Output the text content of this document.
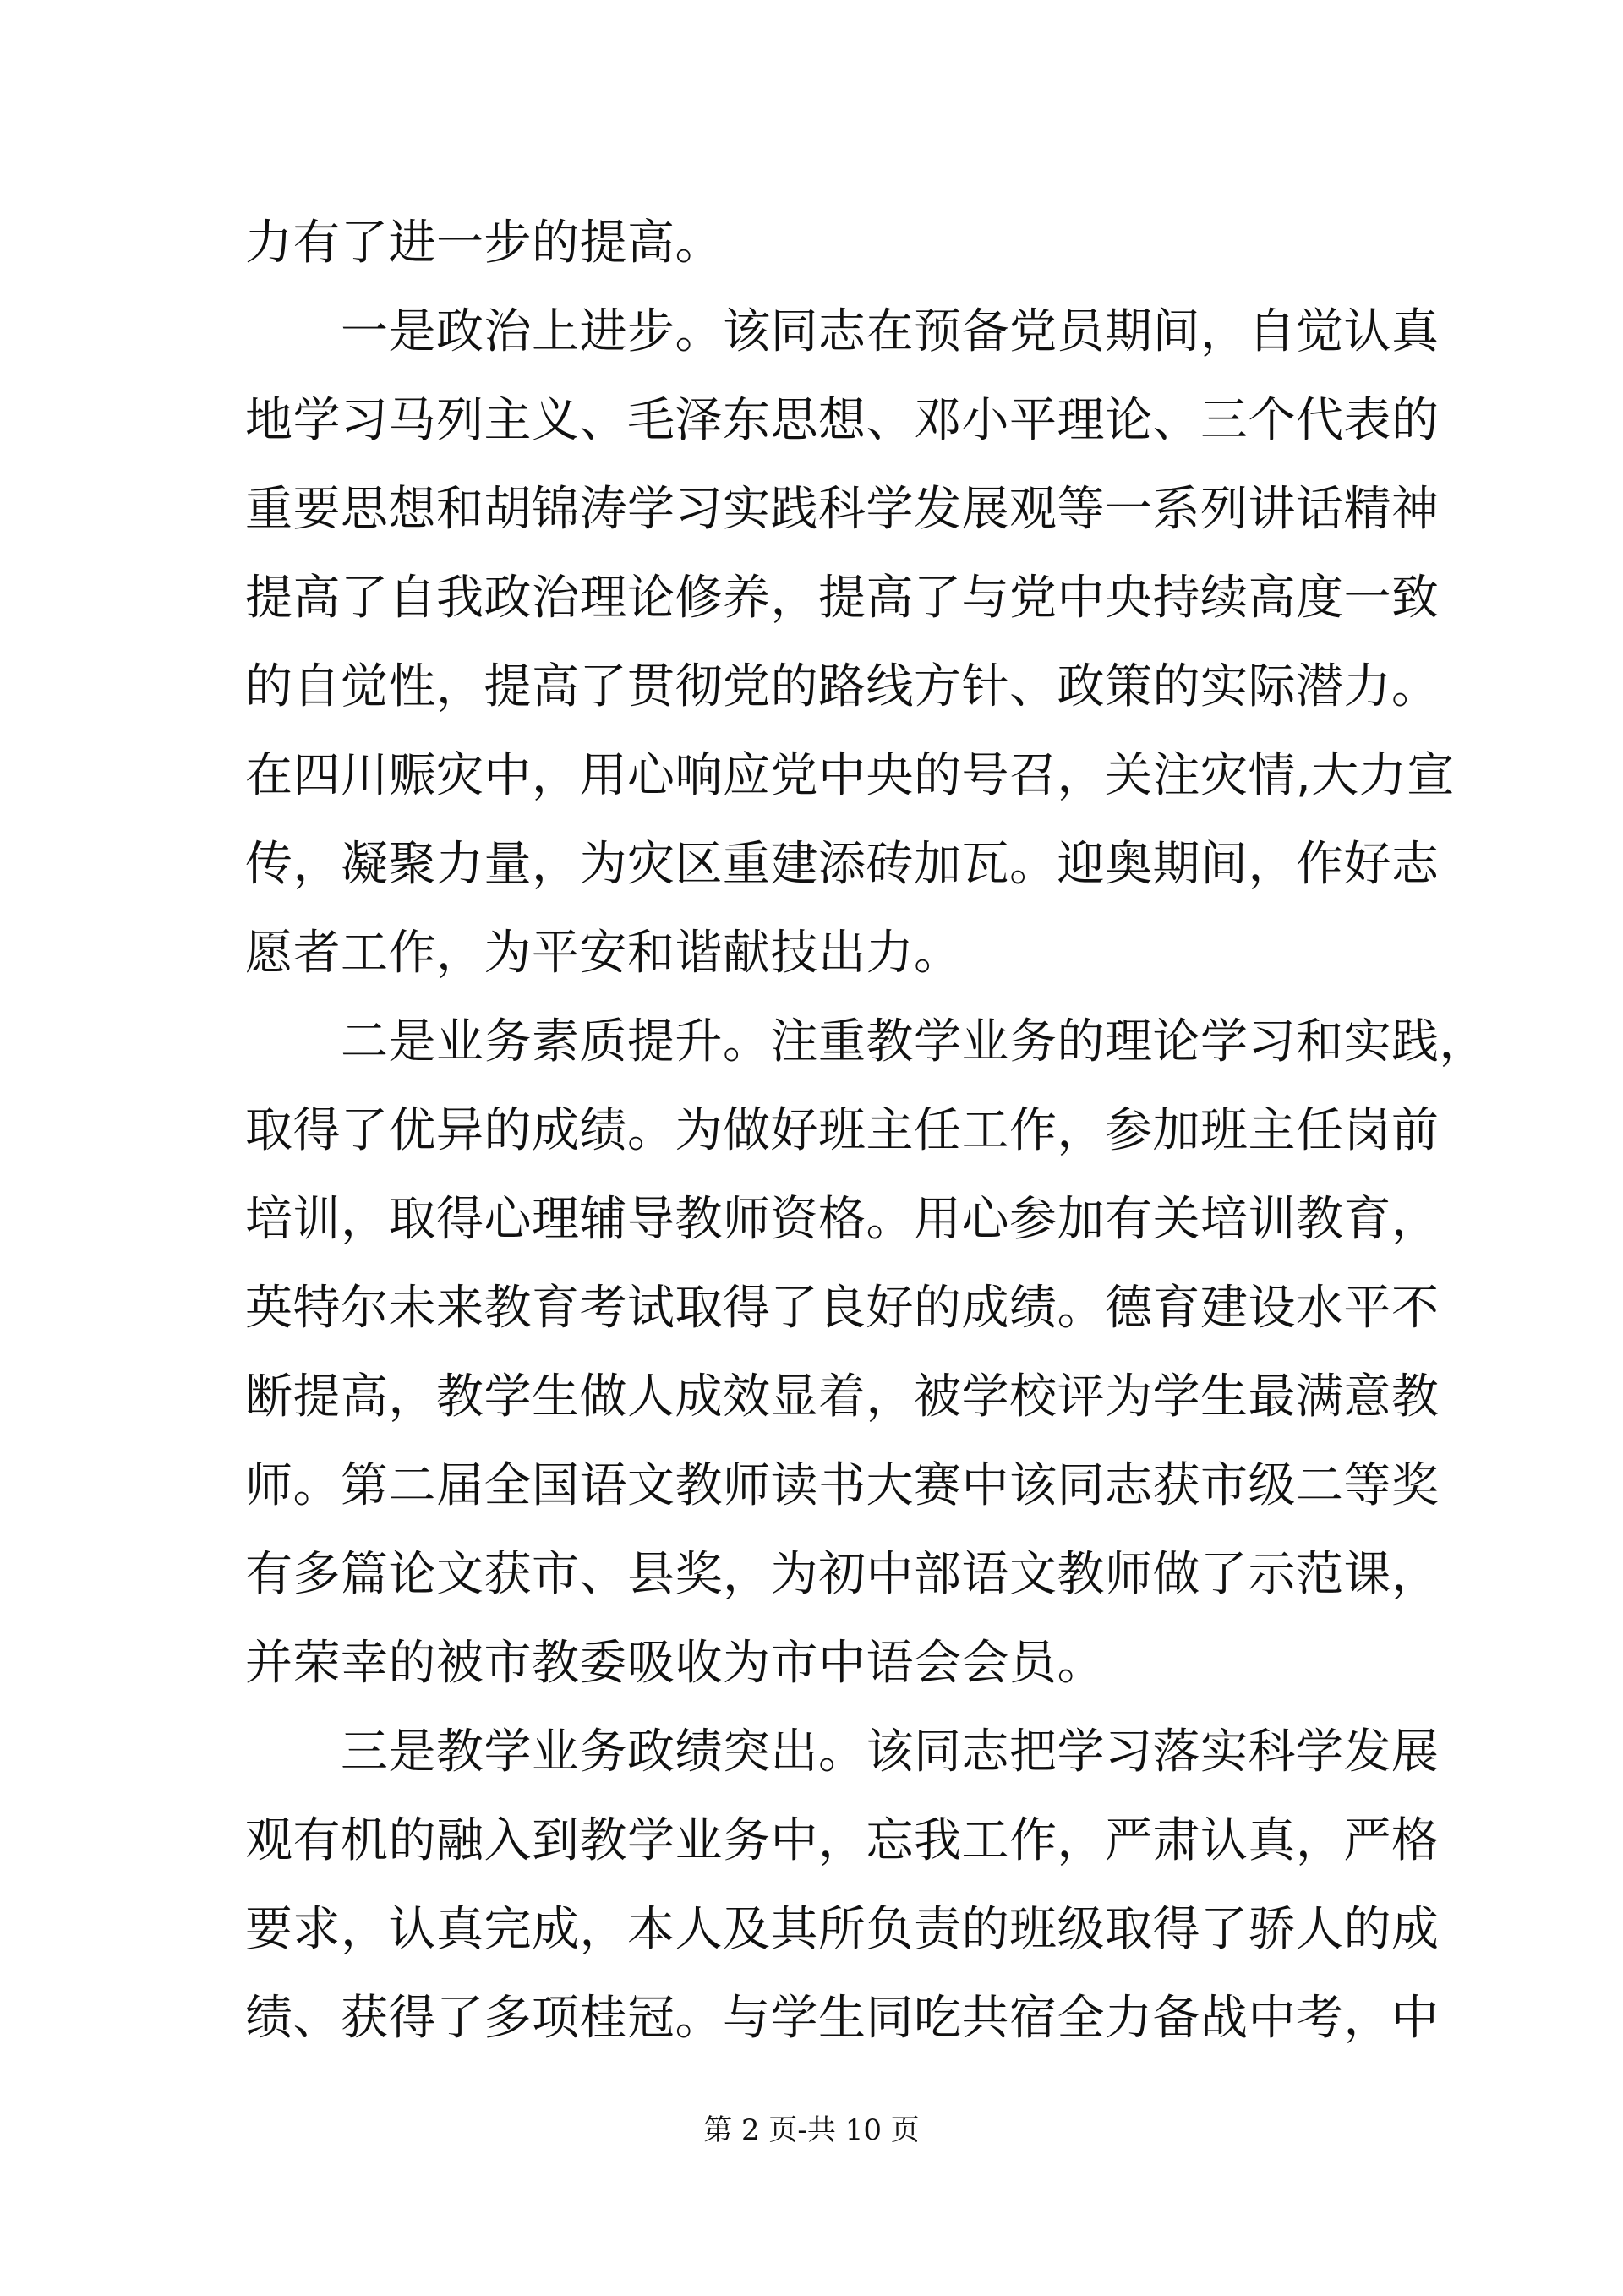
力有了进一步的提高。
　　一是政治上进步。该同志在预备党员期间，自觉认真
地学习马列主义、毛泽东思想、邓小平理论、三个代表的
重要思想和胡锦涛学习实践科学发展观等一系列讲话精神
提高了自我政治理论修养，提高了与党中央持续高度一致
的自觉性，提高了贯彻党的路线方针、政策的实际潜力。
在四川赈灾中，用心响应党中央的号召，关注灾情,大力宣
传，凝聚力量，为灾区重建添砖加瓦。迎奥期间，作好志
愿者工作，为平安和谐献技出力。
　　二是业务素质提升。注重教学业务的理论学习和实践，
取得了优异的成绩。为做好班主任工作，参加班主任岗前
培训，取得心理辅导教师资格。用心参加有关培训教育，
英特尔未来教育考试取得了良好的成绩。德育建设水平不
断提高，教学生做人成效显着，被学校评为学生最满意教
师。第二届全国语文教师读书大赛中该同志获市级二等奖
有多篇论文获市、县奖，为初中部语文教师做了示范课，
并荣幸的被市教委吸收为市中语会会员。
　　三是教学业务政绩突出。该同志把学习落实科学发展
观有机的融入到教学业务中，忘我工作，严肃认真，严格
要求，认真完成，本人及其所负责的班级取得了骄人的成
绩、获得了多项桂冠。与学生同吃共宿全力备战中考，中
第 2 页-共 10 页
